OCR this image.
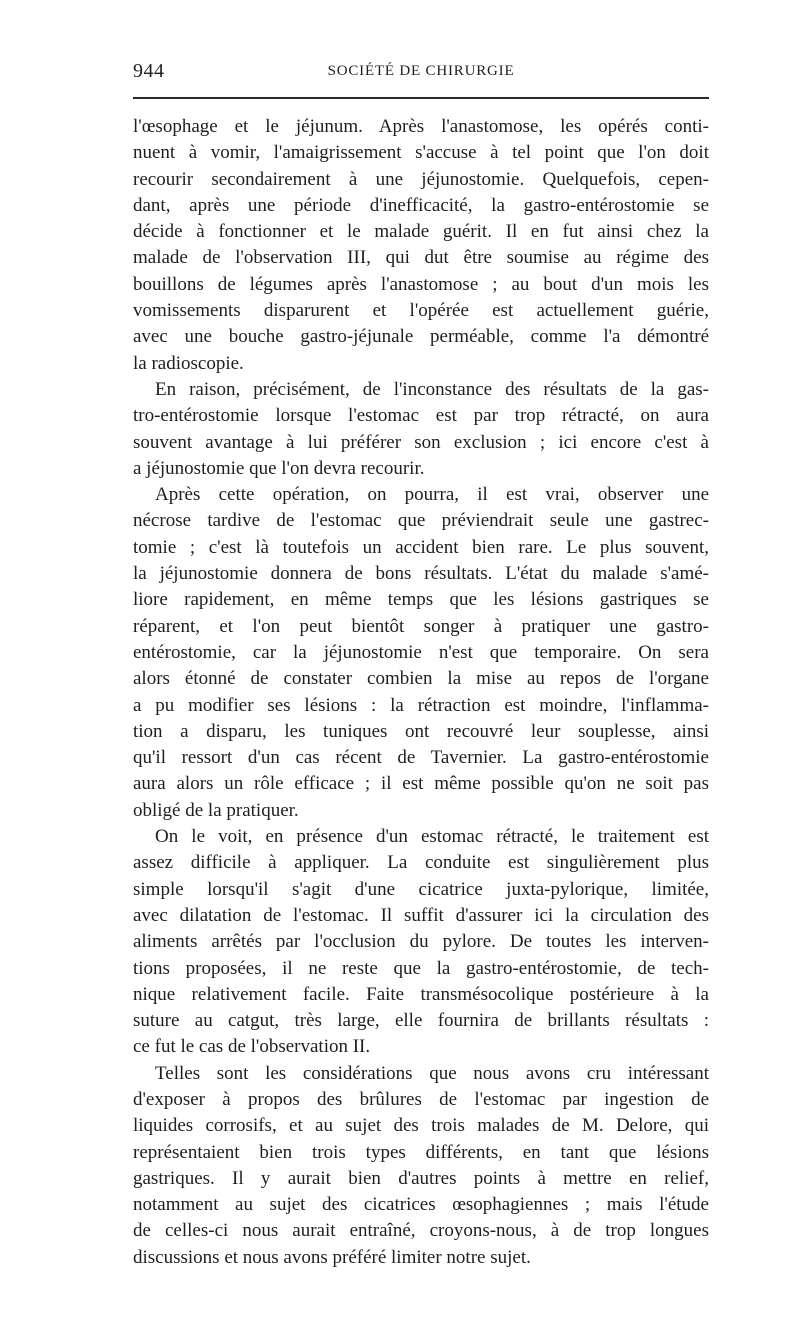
944	SOCIÉTÉ DE CHIRURGIE
l'œsophage et le jéjunum. Après l'anastomose, les opérés conti-
nuent à vomir, l'amaigrissement s'accuse à tel point que l'on doit
recourir secondairement à une jéjunostomie. Quelquefois, cepen-
dant, après une période d'inefficacité, la gastro-entérostomie se
décide à fonctionner et le malade guérit. Il en fut ainsi chez la
malade de l'observation III, qui dut être soumise au régime des
bouillons de légumes après l'anastomose ; au bout d'un mois les
vomissements disparurent et l'opérée est actuellement guérie,
avec une bouche gastro-jéjunale perméable, comme l'a démontré
la radioscopie.
En raison, précisément, de l'inconstance des résultats de la gas-
tro-entérostomie lorsque l'estomac est par trop rétracté, on aura
souvent avantage à lui préférer son exclusion ; ici encore c'est à
a jéjunostomie que l'on devra recourir.
Après cette opération, on pourra, il est vrai, observer une
nécrose tardive de l'estomac que préviendrait seule une gastrec-
tomie ; c'est là toutefois un accident bien rare. Le plus souvent,
la jéjunostomie donnera de bons résultats. L'état du malade s'amé-
liore rapidement, en même temps que les lésions gastriques se
réparent, et l'on peut bientôt songer à pratiquer une gastro-
entérostomie, car la jéjunostomie n'est que temporaire. On sera
alors étonné de constater combien la mise au repos de l'organe
a pu modifier ses lésions : la rétraction est moindre, l'inflamma-
tion a disparu, les tuniques ont recouvré leur souplesse, ainsi
qu'il ressort d'un cas récent de Tavernier. La gastro-entérostomie
aura alors un rôle efficace ; il est même possible qu'on ne soit pas
obligé de la pratiquer.
On le voit, en présence d'un estomac rétracté, le traitement est
assez difficile à appliquer. La conduite est singulièrement plus
simple lorsqu'il s'agit d'une cicatrice juxta-pylorique, limitée,
avec dilatation de l'estomac. Il suffit d'assurer ici la circulation des
aliments arrêtés par l'occlusion du pylore. De toutes les interven-
tions proposées, il ne reste que la gastro-entérostomie, de tech-
nique relativement facile. Faite transmésocolique postérieure à la
suture au catgut, très large, elle fournira de brillants résultats :
ce fut le cas de l'observation II.
Telles sont les considérations que nous avons cru intéressant
d'exposer à propos des brûlures de l'estomac par ingestion de
liquides corrosifs, et au sujet des trois malades de M. Delore, qui
représentaient bien trois types différents, en tant que lésions
gastriques. Il y aurait bien d'autres points à mettre en relief,
notamment au sujet des cicatrices œsophagiennes ; mais l'étude
de celles-ci nous aurait entraîné, croyons-nous, à de trop longues
discussions et nous avons préféré limiter notre sujet.
